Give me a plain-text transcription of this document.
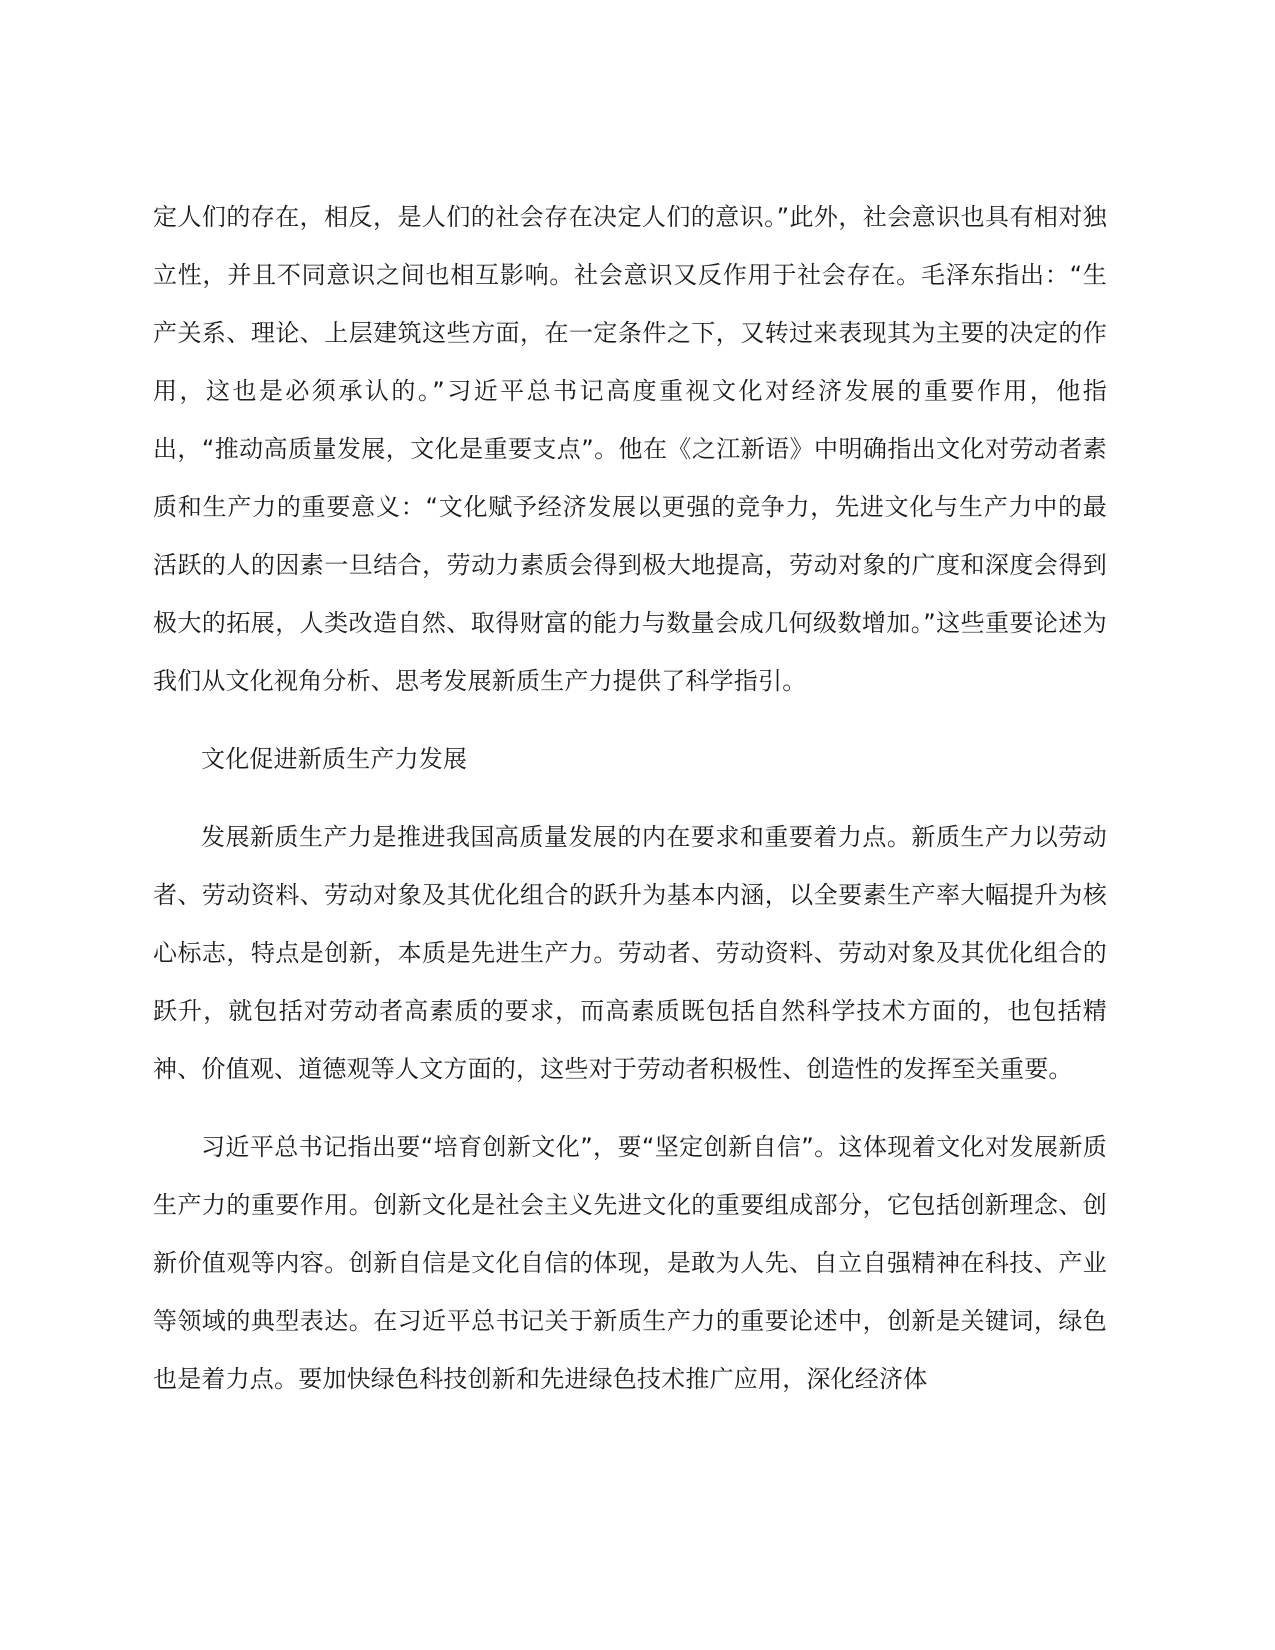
定人们的存在，相反，是人们的社会存在决定人们的意识。”此外，社会意识也具有相对独立性，并且不同意识之间也相互影响。社会意识又反作用于社会存在。毛泽东指出：“生产关系、理论、上层建筑这些方面，在一定条件之下，又转过来表现其为主要的决定的作用，这也是必须承认的。”习近平总书记高度重视文化对经济发展的重要作用，他指出，“推动高质量发展，文化是重要支点”。他在《之江新语》中明确指出文化对劳动者素质和生产力的重要意义：“文化赋予经济发展以更强的竞争力，先进文化与生产力中的最活跃的人的因素一旦结合，劳动力素质会得到极大地提高，劳动对象的广度和深度会得到极大的拓展，人类改造自然、取得财富的能力与数量会成几何级数增加。”这些重要论述为我们从文化视角分析、思考发展新质生产力提供了科学指引。

文化促进新质生产力发展

发展新质生产力是推进我国高质量发展的内在要求和重要着力点。新质生产力以劳动者、劳动资料、劳动对象及其优化组合的跃升为基本内涵，以全要素生产率大幅提升为核心标志，特点是创新，本质是先进生产力。劳动者、劳动资料、劳动对象及其优化组合的跃升，就包括对劳动者高素质的要求，而高素质既包括自然科学技术方面的，也包括精神、价值观、道德观等人文方面的，这些对于劳动者积极性、创造性的发挥至关重要。

习近平总书记指出要“培育创新文化”，要“坚定创新自信”。这体现着文化对发展新质生产力的重要作用。创新文化是社会主义先进文化的重要组成部分，它包括创新理念、创新价值观等内容。创新自信是文化自信的体现，是敢为人先、自立自强精神在科技、产业等领域的典型表达。在习近平总书记关于新质生产力的重要论述中，创新是关键词，绿色也是着力点。要加快绿色科技创新和先进绿色技术推广应用，深化经济体
